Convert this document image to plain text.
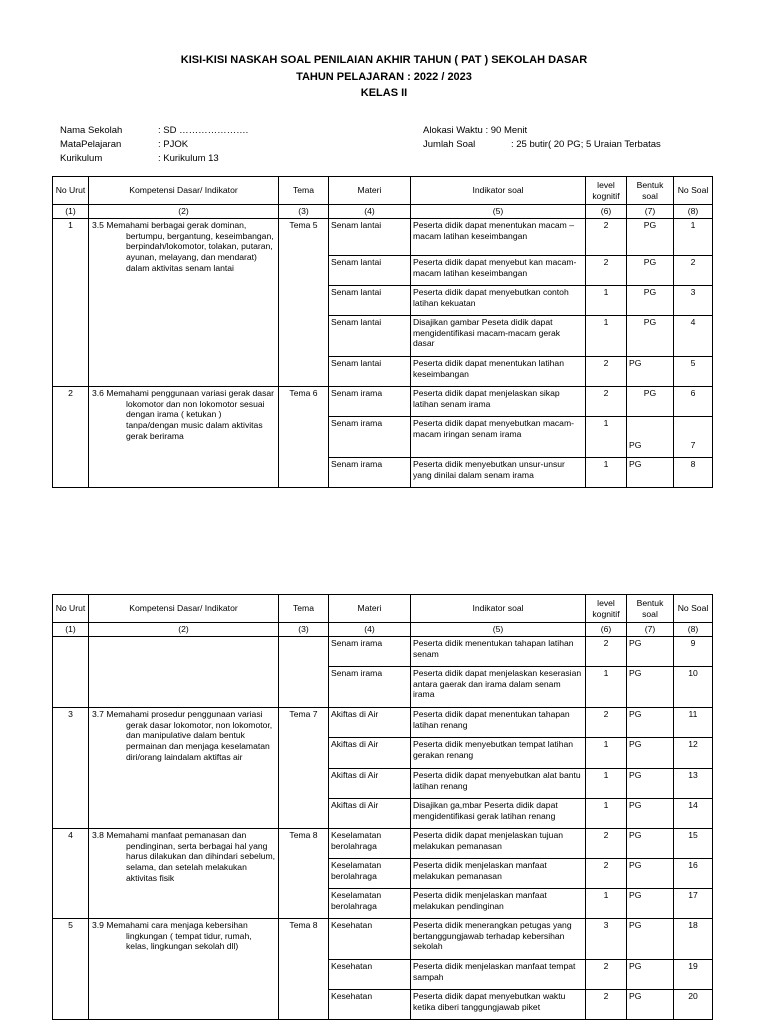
KISI-KISI NASKAH SOAL PENILAIAN AKHIR TAHUN ( PAT ) SEKOLAH DASAR
TAHUN PELAJARAN : 2022 / 2023
KELAS II
Nama Sekolah	: SD ………………….
MataPelajaran	: PJOK
Kurikulum	: Kurikulum 13
Alokasi Waktu : 90 Menit
Jumlah Soal	: 25 butir( 20 PG; 5 Uraian Terbatas
No Urut	Kompetensi Dasar/ Indikator	Tema	Materi	Indikator soal	level kognitif	Bentuk soal	No Soal
(1)	(2)	(3)	(4)	(5)	(6)	(7)	(8)
1	3.5 Memahami berbagai gerak dominan, bertumpu, bergantung, keseimbangan, berpindah/lokomotor, tolakan, putaran, ayunan, melayang, dan mendarat) dalam aktivitas senam lantai	Tema 5	Senam lantai	Peserta didik dapat menentukan macam – macam latihan keseimbangan	2	PG	1
			Senam lantai	Peserta didik dapat menyebut kan macam-macam latihan keseimbangan	2	PG	2
			Senam lantai	Peserta didik dapat menyebutkan contoh latihan kekuatan	1	PG	3
			Senam lantai	Disajikan gambar Peseta didik dapat mengidentifikasi macam-macam gerak dasar	1	PG	4
			Senam lantai	Peserta didik dapat menentukan latihan keseimbangan	2	PG	5
2	3.6 Memahami penggunaan variasi gerak dasar lokomotor dan non lokomotor sesuai dengan irama ( ketukan ) tanpa/dengan music dalam aktivitas gerak berirama	Tema 6	Senam irama	Peserta didik dapat menjelaskan sikap latihan senam irama	2	PG	6
			Senam irama	Peserta didik dapat menyebutkan macam- macam iringan senam irama	1	PG	7
			Senam irama	Peserta didik menyebutkan unsur-unsur yang dinilai dalam senam irama	1	PG	8
No Urut	Kompetensi Dasar/ Indikator	Tema	Materi	Indikator soal	level kognitif	Bentuk soal	No Soal
(1)	(2)	(3)	(4)	(5)	(6)	(7)	(8)
			Senam irama	Peserta didik menentukan tahapan latihan senam	2	PG	9
			Senam irama	Peserta didik dapat menjelaskan keserasian antara gaerak dan irama dalam senam irama	1	PG	10
3	3.7 Memahami prosedur penggunaan variasi gerak dasar lokomotor, non lokomotor, dan manipulative dalam bentuk permainan dan menjaga keselamatan diri/orang laindalam aktiftas air	Tema 7	Akiftas di Air	Peserta didik dapat menentukan tahapan latihan renang	2	PG	11
			Akiftas di Air	Peserta didik menyebutkan tempat latihan gerakan renang	1	PG	12
			Akiftas di Air	Peserta didik dapat menyebutkan alat bantu latihan renang	1	PG	13
			Akiftas di Air	Disajikan ga,mbar Peserta didik dapat mengidentifikasi gerak latihan renang	1	PG	14
4	3.8 Memahami manfaat pemanasan dan pendinginan, serta berbagai hal yang harus dilakukan dan dihindari sebelum, selama, dan setelah melakukan aktivitas fisik	Tema 8	Keselamatan berolahraga	Peserta didik dapat menjelaskan tujuan melakukan pemanasan	2	PG	15
			Keselamatan berolahraga	Peserta didik menjelaskan manfaat melakukan pemanasan	2	PG	16
			Keselamatan berolahraga	Peserta didik menjelaskan manfaat melakukan pendinginan	1	PG	17
5	3.9 Memahami cara menjaga kebersihan lingkungan ( tempat tidur, rumah, kelas, lingkungan sekolah dll)	Tema 8	Kesehatan	Peserta didik menerangkan petugas yang bertanggungjawab terhadap kebersihan sekolah	3	PG	18
			Kesehatan	Peserta didik menjelaskan manfaat tempat sampah	2	PG	19
			Kesehatan	Peserta didik dapat menyebutkan waktu ketika diberi tanggungjawab piket	2	PG	20
